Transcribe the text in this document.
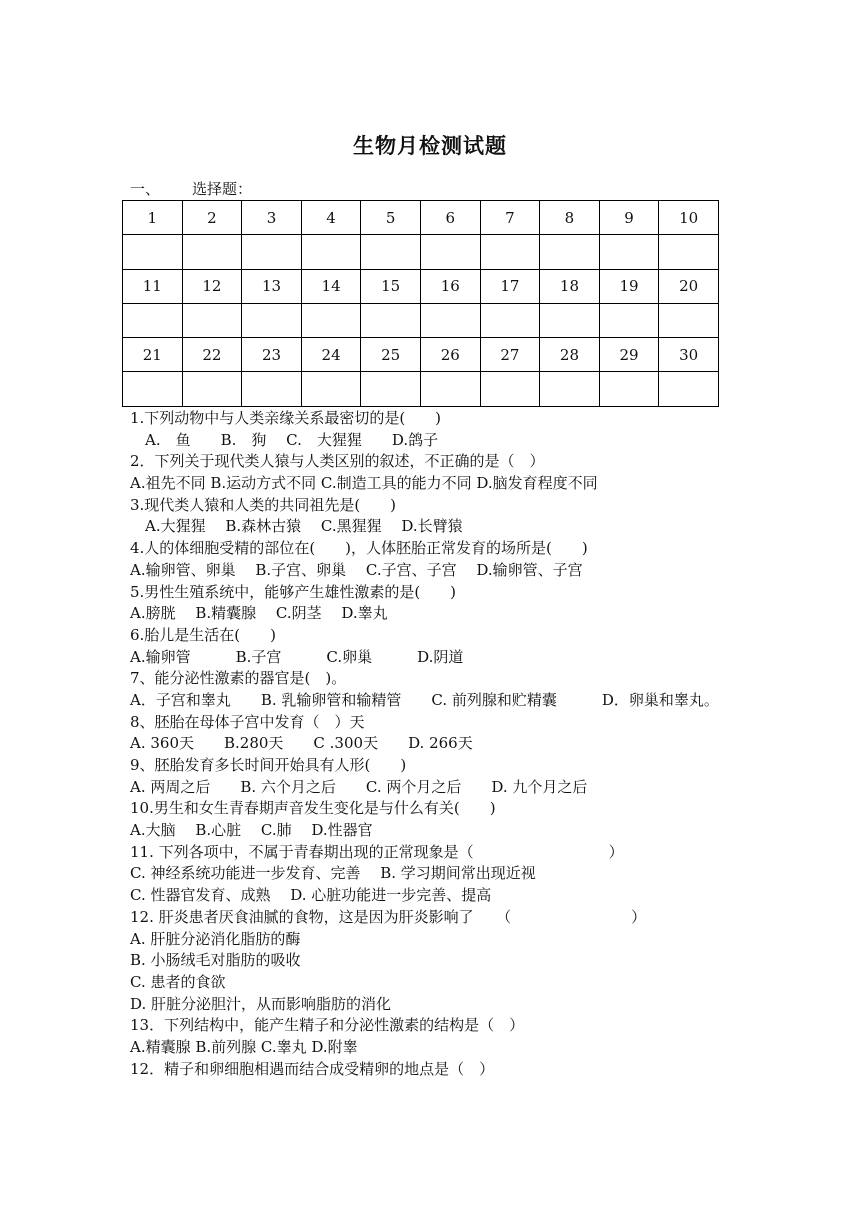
生物月检测试题
一、 选择题：
1	2	3	4	5	6	7	8	9	10

11	12	13	14	15	16	17	18	19	20

21	22	23	24	25	26	27	28	29	30

1.下列动物中与人类亲缘关系最密切的是(　　)
　A.　鱼　　B.　狗　 C.　大猩猩　　D.鸽子
2．下列关于现代类人猿与人类区别的叙述，不正确的是（　）
A.祖先不同 B.运动方式不同 C.制造工具的能力不同 D.脑发育程度不同
3.现代类人猿和人类的共同祖先是(　　)
　A.大猩猩　 B.森林古猿　 C.黑猩猩　 D.长臂猿
4.人的体细胞受精的部位在(　　)，人体胚胎正常发育的场所是(　　)
A.输卵管、卵巢　 B.子宫、卵巢　 C.子宫、子宫　 D.输卵管、子宫
5.男性生殖系统中，能够产生雄性激素的是(　　)
A.膀胱　 B.精囊腺　 C.阴茎　 D.睾丸
6.胎儿是生活在(　　)
A.输卵管　　　B.子宫　　　C.卵巢　　　D.阴道
7、能分泌性激素的器官是(　)。
A．子宫和睾丸　　B. 乳输卵管和输精管　　C. 前列腺和贮精囊　　　D．卵巢和睾丸。
8、胚胎在母体子宫中发育（　）天
A. 360天　　B.280天　　C .300天　　D. 266天
9、胚胎发育多长时间开始具有人形(　　)
A. 两周之后　　B. 六个月之后　　C. 两个月之后　　D. 九个月之后
10.男生和女生青春期声音发生变化是与什么有关(　　)
A.大脑　 B.心脏　 C.肺　 D.性器官
11. 下列各项中，不属于青春期出现的正常现象是（　　　　　　　　　）
C. 神经系统功能进一步发育、完善　 B. 学习期间常出现近视
C. 性器官发育、成熟　 D. 心脏功能进一步完善、提高
12. 肝炎患者厌食油腻的食物，这是因为肝炎影响了　　（　　　　　　　　）
A. 肝脏分泌消化脂肪的酶
B. 小肠绒毛对脂肪的吸收
C. 患者的食欲
D. 肝脏分泌胆汁，从而影响脂肪的消化
13．下列结构中，能产生精子和分泌性激素的结构是（　）
A.精囊腺 B.前列腺 C.睾丸 D.附睾
12．精子和卵细胞相遇而结合成受精卵的地点是（　）
